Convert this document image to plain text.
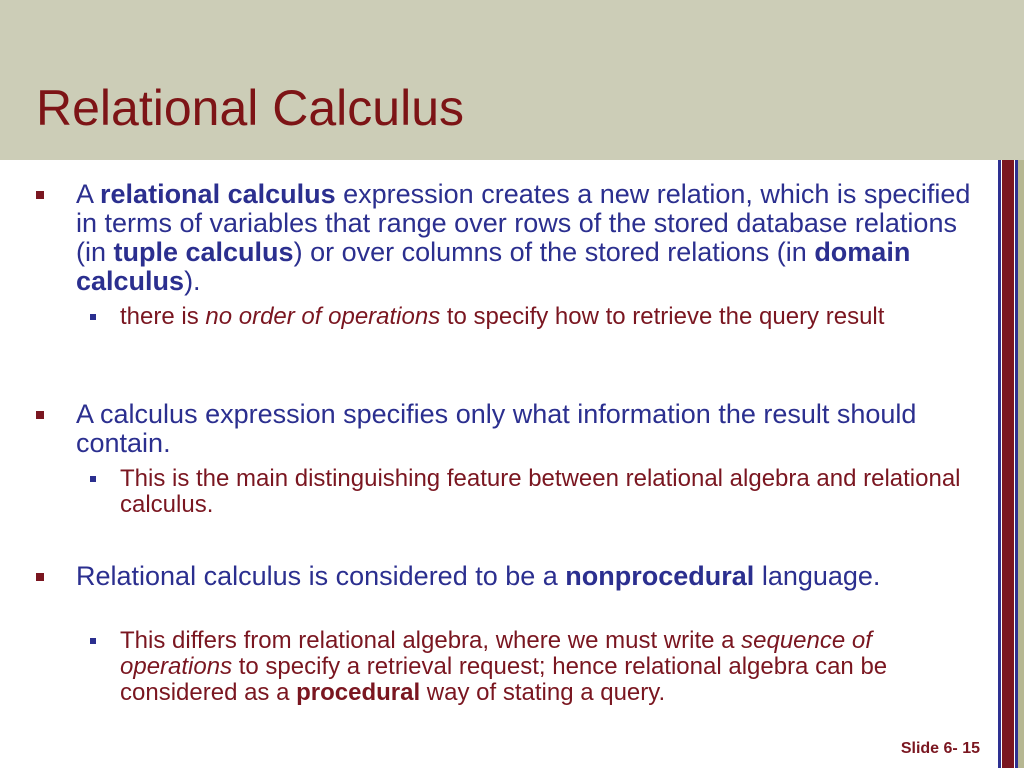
Relational Calculus
A relational calculus expression creates a new relation, which is specified in terms of variables that range over rows of the stored database relations (in tuple calculus) or over columns of the stored relations (in domain calculus).
there is no order of operations to specify how to retrieve the query result
A calculus expression specifies only what information the result should contain.
This is the main distinguishing feature between relational algebra and relational calculus.
Relational calculus is considered to be a nonprocedural language.
This differs from relational algebra, where we must write a sequence of operations to specify a retrieval request; hence relational algebra can be considered as a procedural way of stating a query.
Slide 6- 15
